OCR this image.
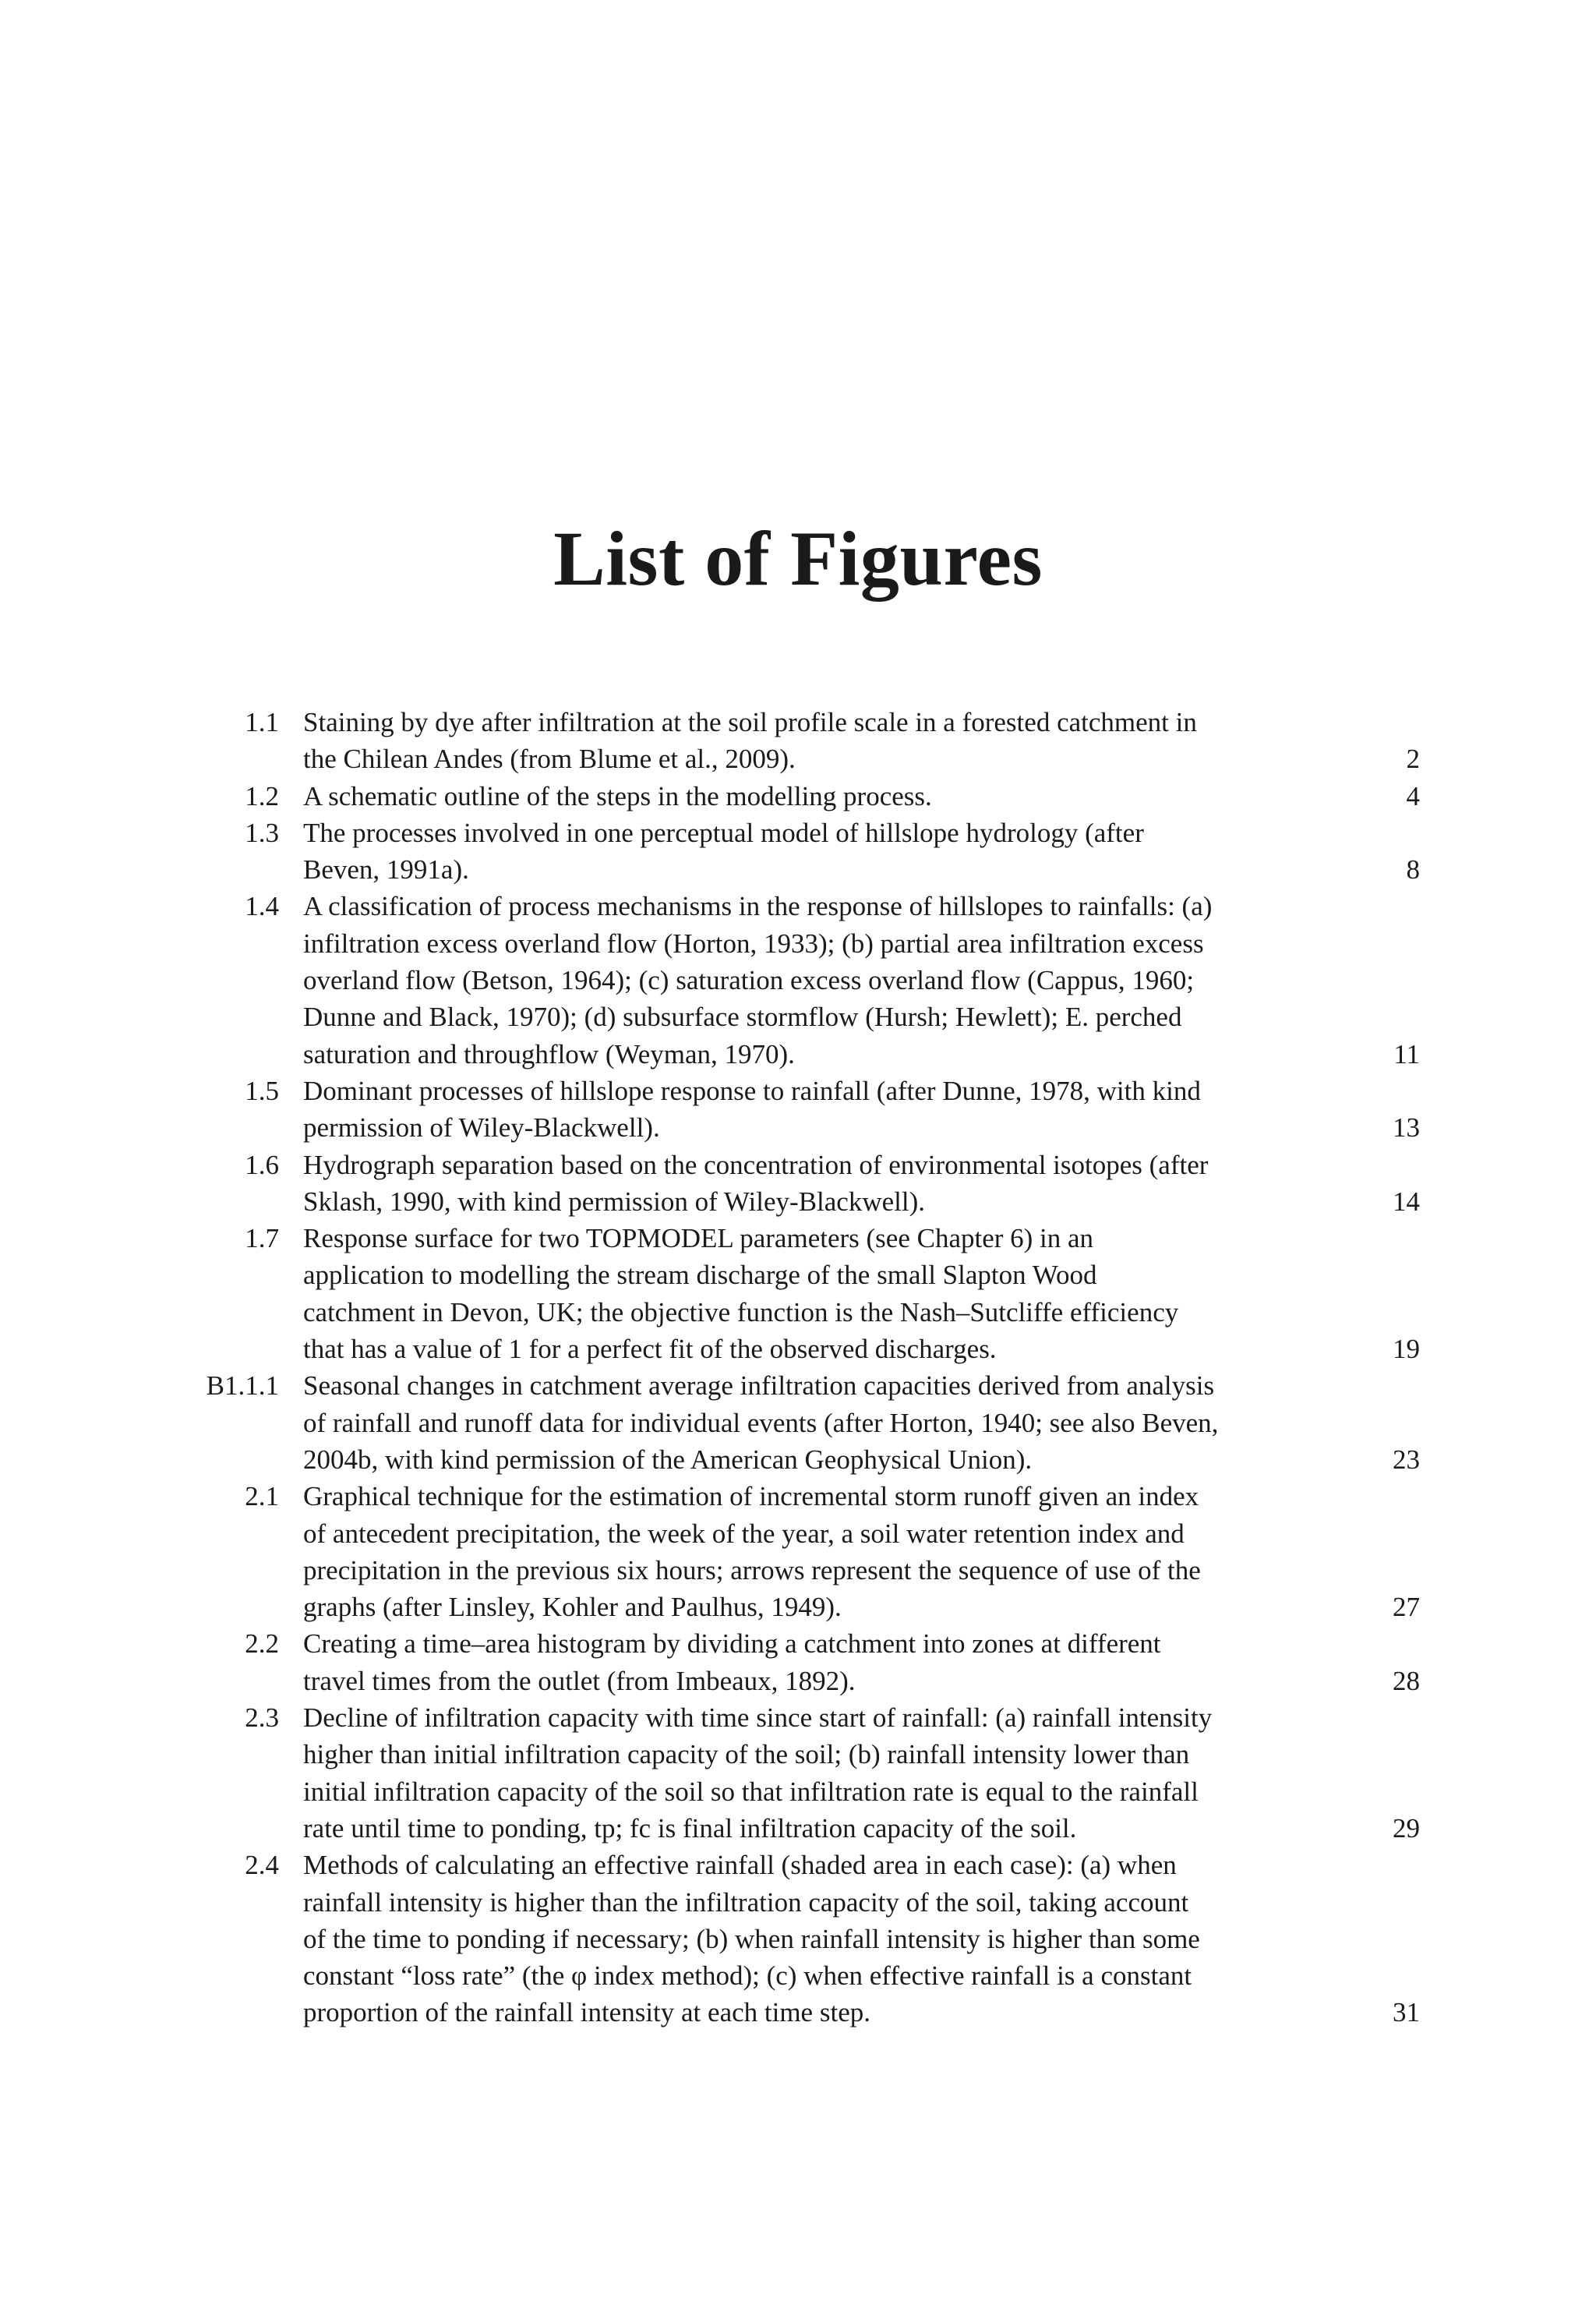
List of Figures
1.1 Staining by dye after infiltration at the soil profile scale in a forested catchment in
the Chilean Andes (from Blume et al., 2009).	2
1.2 A schematic outline of the steps in the modelling process.	4
1.3 The processes involved in one perceptual model of hillslope hydrology (after
Beven, 1991a).	8
1.4 A classification of process mechanisms in the response of hillslopes to rainfalls: (a)
infiltration excess overland flow (Horton, 1933); (b) partial area infiltration excess
overland flow (Betson, 1964); (c) saturation excess overland flow (Cappus, 1960;
Dunne and Black, 1970); (d) subsurface stormflow (Hursh; Hewlett); E. perched
saturation and throughflow (Weyman, 1970).	11
1.5 Dominant processes of hillslope response to rainfall (after Dunne, 1978, with kind
permission of Wiley-Blackwell).	13
1.6 Hydrograph separation based on the concentration of environmental isotopes (after
Sklash, 1990, with kind permission of Wiley-Blackwell).	14
1.7 Response surface for two TOPMODEL parameters (see Chapter 6) in an
application to modelling the stream discharge of the small Slapton Wood
catchment in Devon, UK; the objective function is the Nash–Sutcliffe efficiency
that has a value of 1 for a perfect fit of the observed discharges.	19
B1.1.1 Seasonal changes in catchment average infiltration capacities derived from analysis
of rainfall and runoff data for individual events (after Horton, 1940; see also Beven,
2004b, with kind permission of the American Geophysical Union).	23
2.1 Graphical technique for the estimation of incremental storm runoff given an index
of antecedent precipitation, the week of the year, a soil water retention index and
precipitation in the previous six hours; arrows represent the sequence of use of the
graphs (after Linsley, Kohler and Paulhus, 1949).	27
2.2 Creating a time–area histogram by dividing a catchment into zones at different
travel times from the outlet (from Imbeaux, 1892).	28
2.3 Decline of infiltration capacity with time since start of rainfall: (a) rainfall intensity
higher than initial infiltration capacity of the soil; (b) rainfall intensity lower than
initial infiltration capacity of the soil so that infiltration rate is equal to the rainfall
rate until time to ponding, tp; fc is final infiltration capacity of the soil.	29
2.4 Methods of calculating an effective rainfall (shaded area in each case): (a) when
rainfall intensity is higher than the infiltration capacity of the soil, taking account
of the time to ponding if necessary; (b) when rainfall intensity is higher than some
constant “loss rate” (the φ index method); (c) when effective rainfall is a constant
proportion of the rainfall intensity at each time step.	31
